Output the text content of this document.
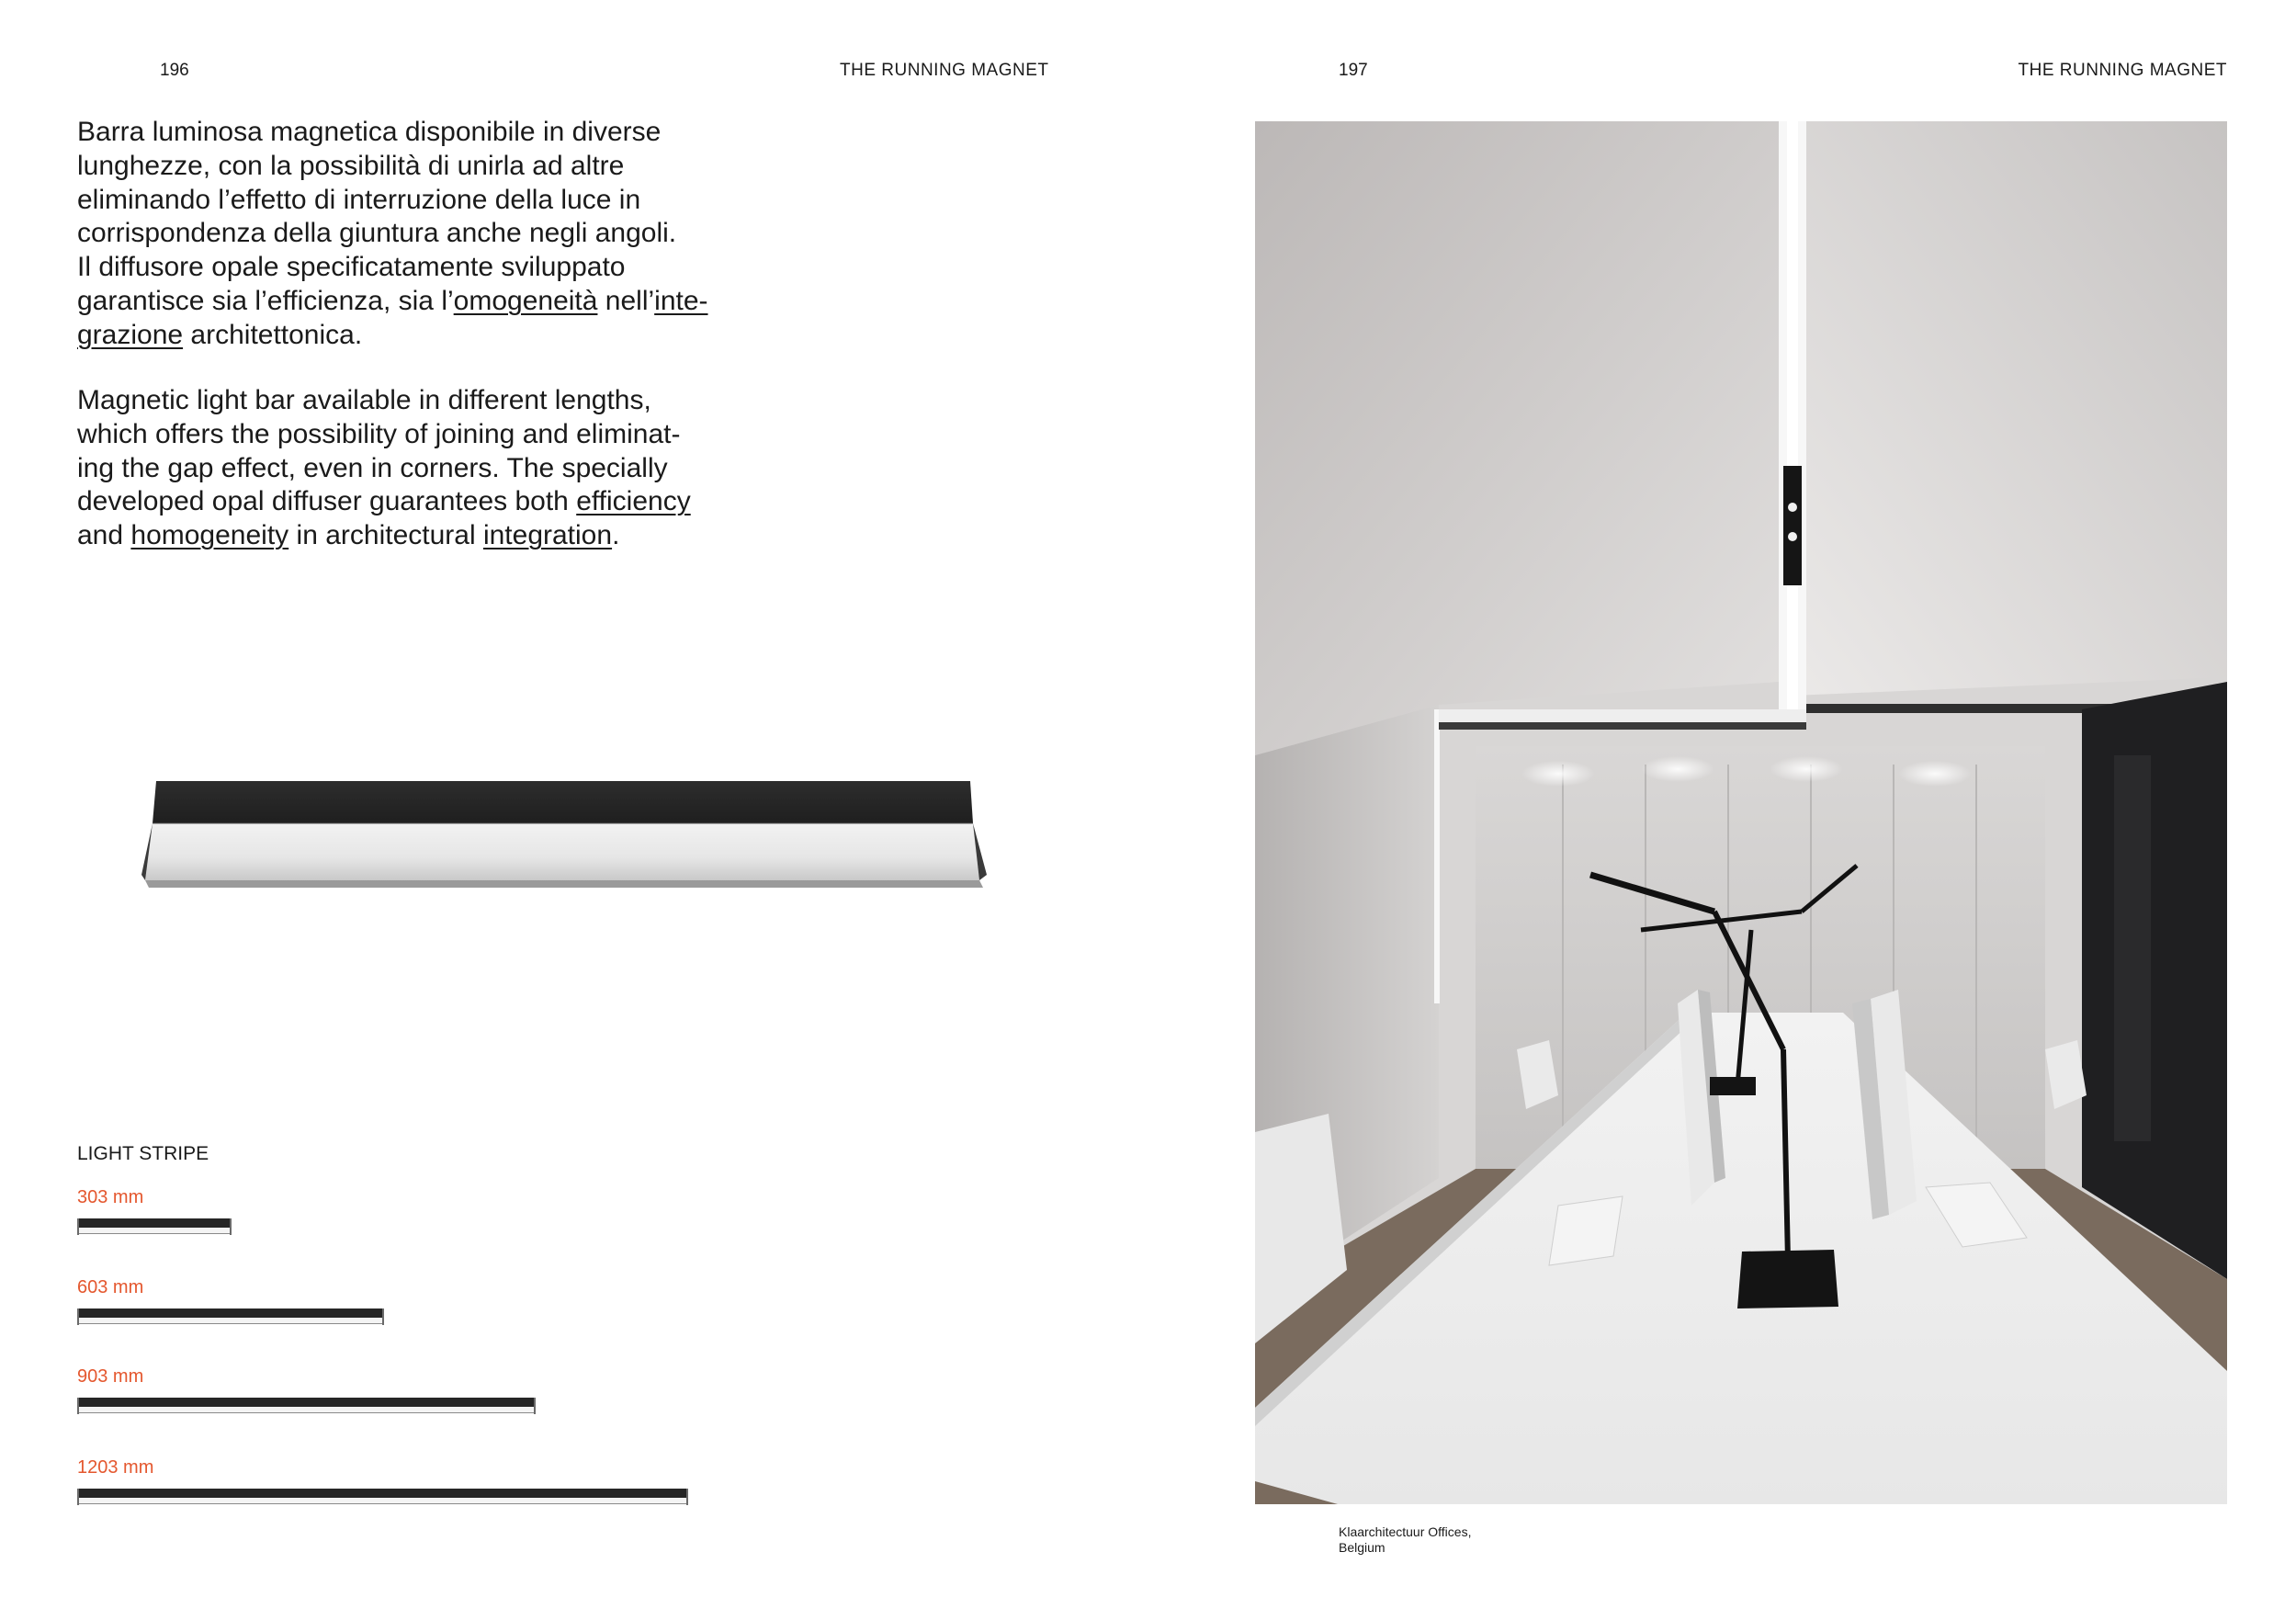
196	THE RUNNING MAGNET

Barra luminosa magnetica disponibile in diverse

lunghezze, con la possibilità di unirla ad altre

eliminando l’effetto di interruzione della luce in

corrispondenza della giuntura anche negli angoli.

Il diffusore opale specificatamente sviluppato

garantisce sia l’efficienza, sia l’omogeneità nell’inte-

grazione architettonica.

Magnetic light bar available in different lengths,

which offers the possibility of joining and eliminat-

ing the gap effect, even in corners. The specially

developed opal diffuser guarantees both efficiency

and homogeneity in architectural integration.

LIGHT STRIPE
303 mm
603 mm
903 mm
1203 mm
197	THE RUNNING MAGNET
Klaarchitectuur Offices,
Belgium
